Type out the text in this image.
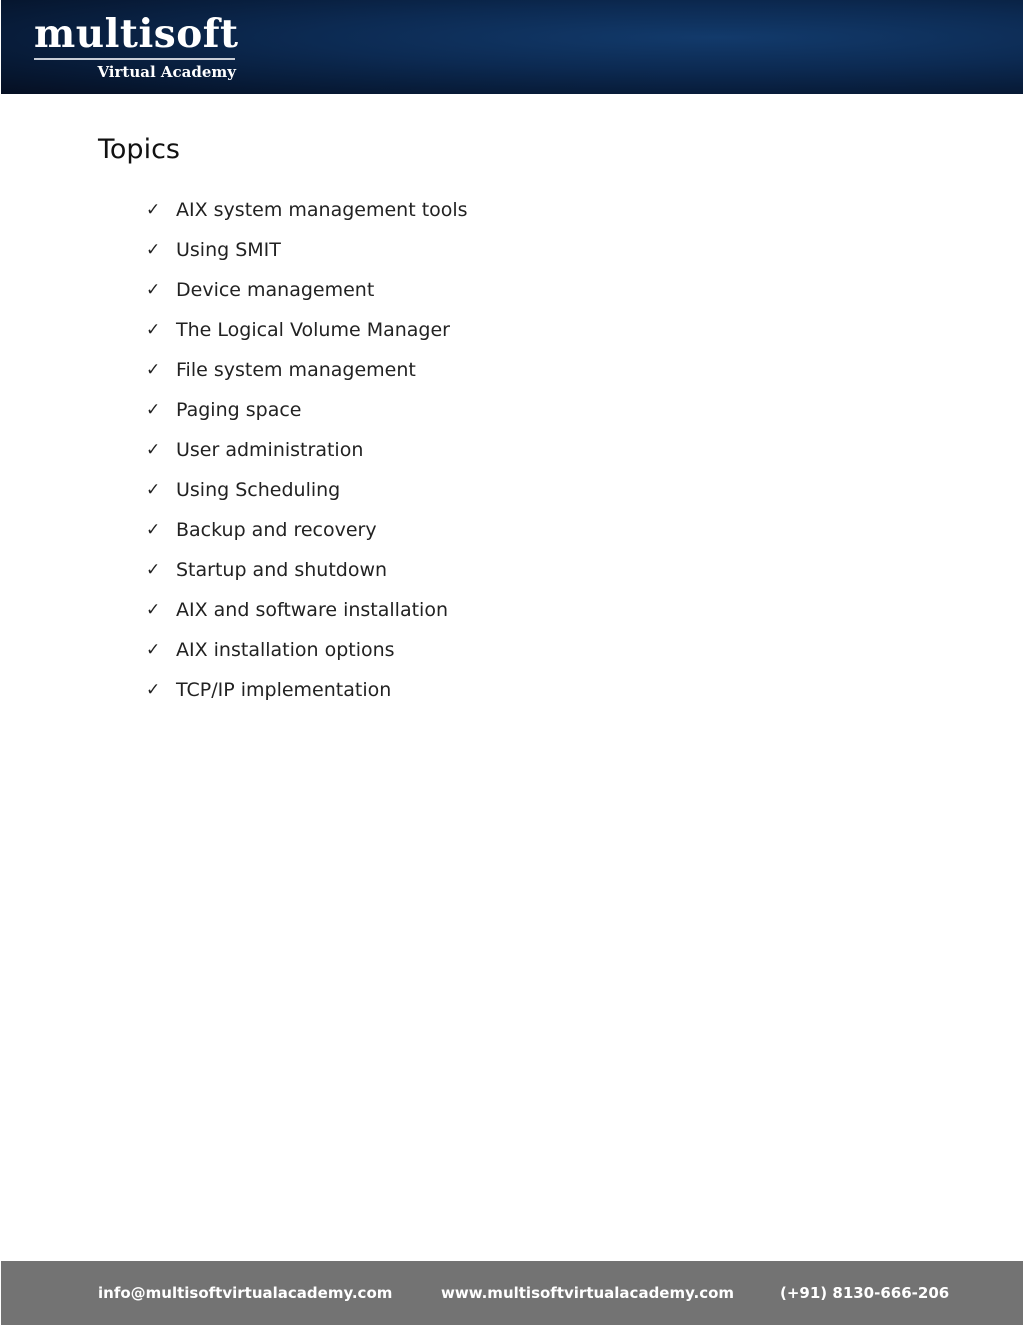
multisoft
Virtual Academy
Topics
✓ AIX system management tools
✓ Using SMIT
✓ Device management
✓ The Logical Volume Manager
✓ File system management
✓ Paging space
✓ User administration
✓ Using Scheduling
✓ Backup and recovery
✓ Startup and shutdown
✓ AIX and software installation
✓ AIX installation options
✓ TCP/IP implementation
info@multisoftvirtualacademy.com	www.multisoftvirtualacademy.com	(+91) 8130-666-206
